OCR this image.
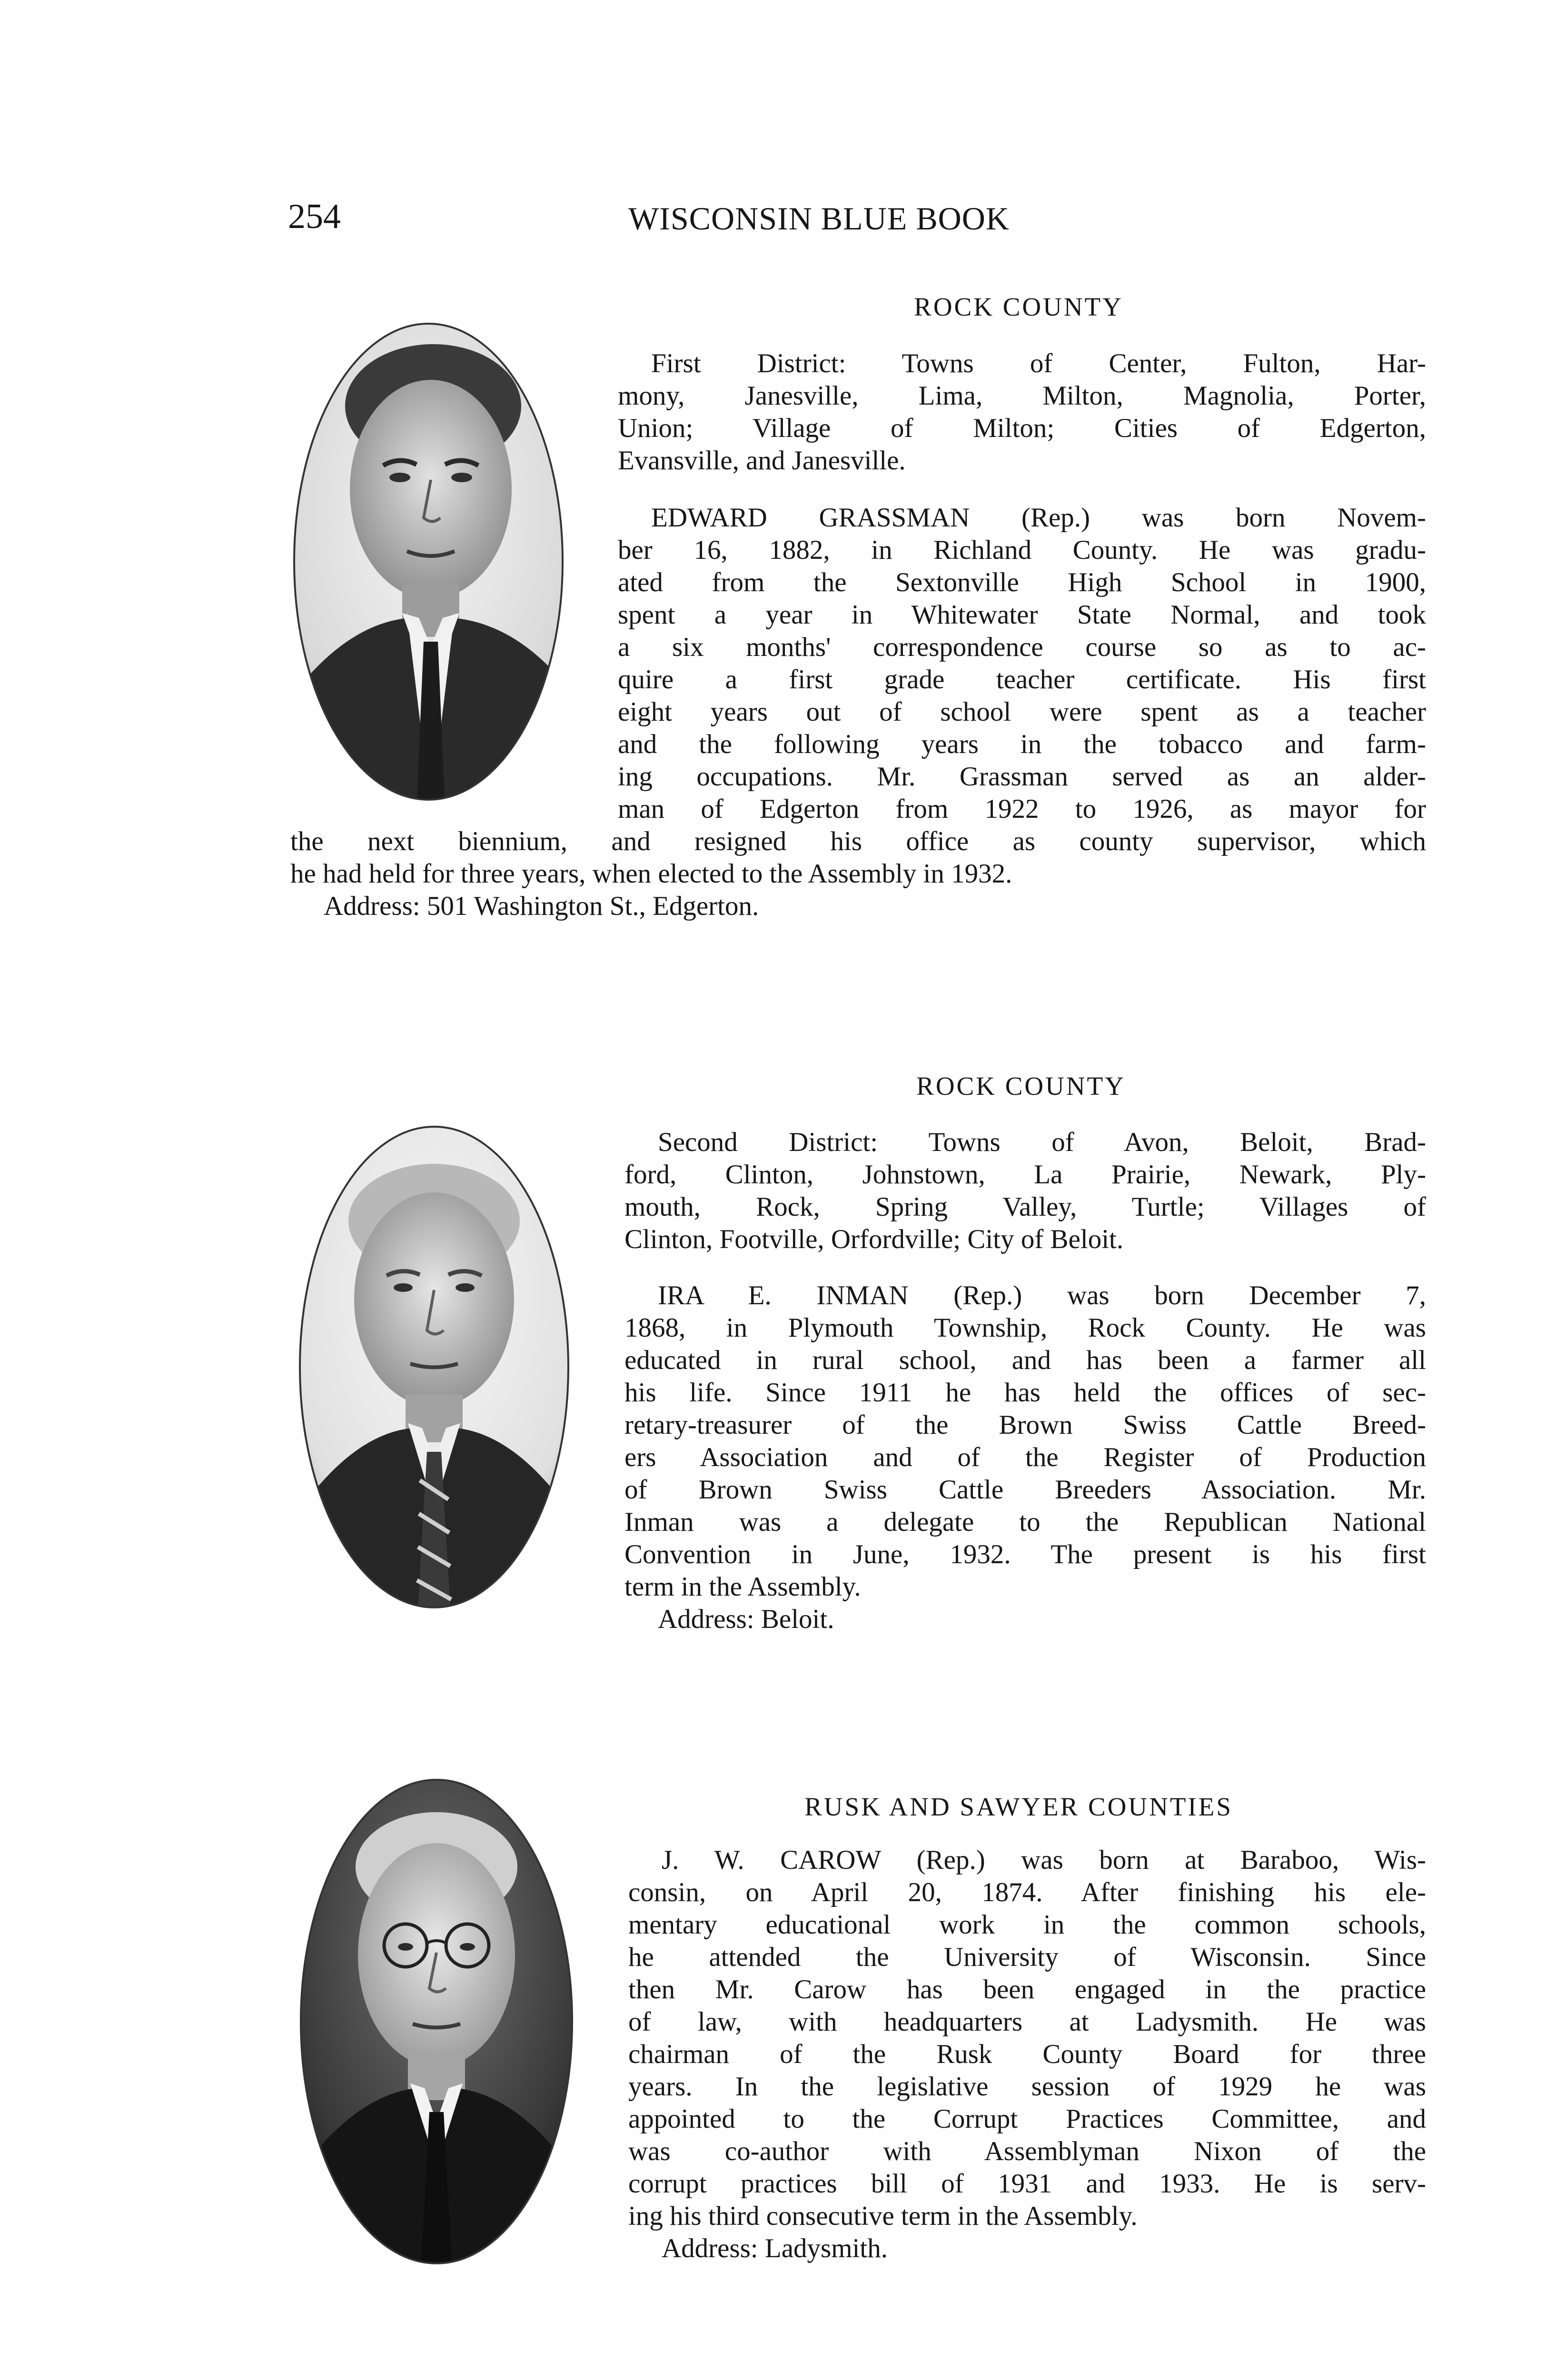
254	WISCONSIN BLUE BOOK
ROCK COUNTY
First District: Towns of Center, Fulton, Har-
mony, Janesville, Lima, Milton, Magnolia, Porter,
Union; Village of Milton; Cities of Edgerton,
Evansville, and Janesville.
EDWARD GRASSMAN (Rep.) was born Novem-
ber 16, 1882, in Richland County. He was gradu-
ated from the Sextonville High School in 1900,
spent a year in Whitewater State Normal, and took
a six months' correspondence course so as to ac-
quire a first grade teacher certificate. His first
eight years out of school were spent as a teacher
and the following years in the tobacco and farm-
ing occupations. Mr. Grassman served as an alder-
man of Edgerton from 1922 to 1926, as mayor for
the next biennium, and resigned his office as county supervisor, which
he had held for three years, when elected to the Assembly in 1932.
Address: 501 Washington St., Edgerton.
ROCK COUNTY
Second District: Towns of Avon, Beloit, Brad-
ford, Clinton, Johnstown, La Prairie, Newark, Ply-
mouth, Rock, Spring Valley, Turtle; Villages of
Clinton, Footville, Orfordville; City of Beloit.
IRA E. INMAN (Rep.) was born December 7,
1868, in Plymouth Township, Rock County. He was
educated in rural school, and has been a farmer all
his life. Since 1911 he has held the offices of sec-
retary-treasurer of the Brown Swiss Cattle Breed-
ers Association and of the Register of Production
of Brown Swiss Cattle Breeders Association. Mr.
Inman was a delegate to the Republican National
Convention in June, 1932. The present is his first
term in the Assembly.
Address: Beloit.
RUSK AND SAWYER COUNTIES
J. W. CAROW (Rep.) was born at Baraboo, Wis-
consin, on April 20, 1874. After finishing his ele-
mentary educational work in the common schools,
he attended the University of Wisconsin. Since
then Mr. Carow has been engaged in the practice
of law, with headquarters at Ladysmith. He was
chairman of the Rusk County Board for three
years. In the legislative session of 1929 he was
appointed to the Corrupt Practices Committee, and
was co-author with Assemblyman Nixon of the
corrupt practices bill of 1931 and 1933. He is serv-
ing his third consecutive term in the Assembly.
Address: Ladysmith.
